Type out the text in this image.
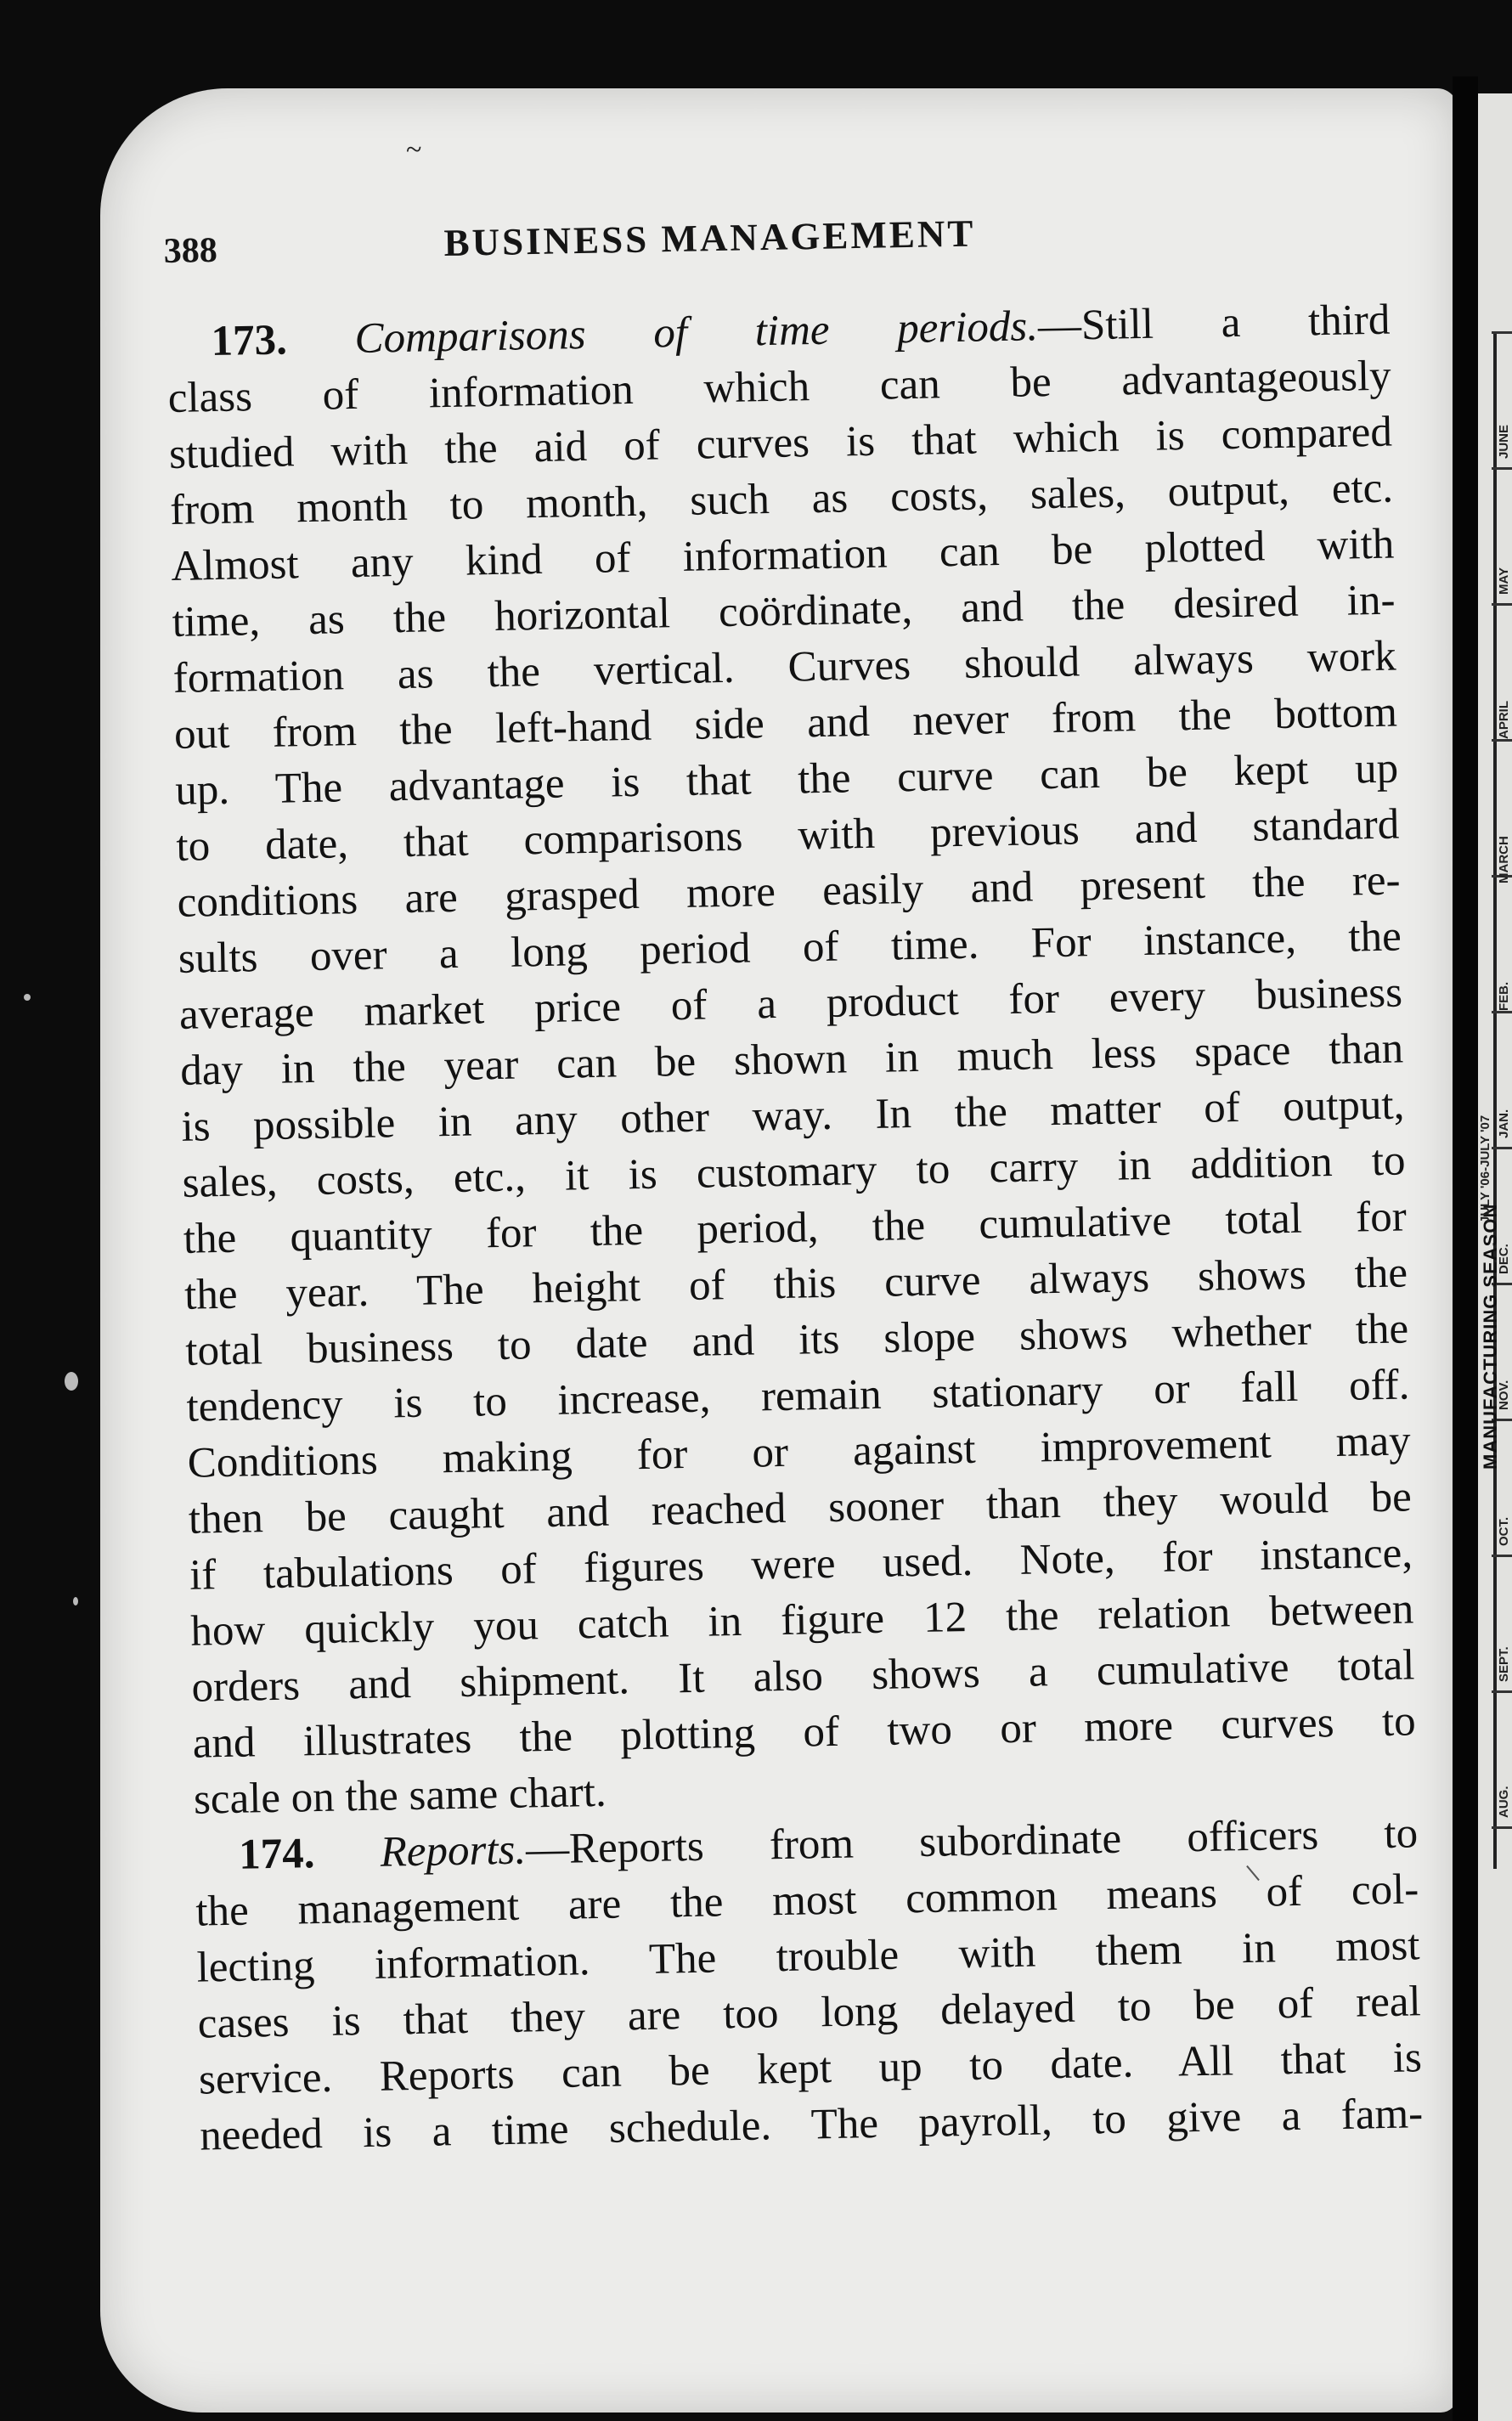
~
JUNE
MAY
APRIL
MARCH
FEB.
JAN.
DEC.
NOV.
OCT.
SEPT.
AUG.
MANUFACTURING SEASON
JULY '06-JULY '07
388	BUSINESS MANAGEMENT
173. Comparisons of time periods.—Still a third
class of information which can be advantageously
studied with the aid of curves is that which is compared
from month to month, such as costs, sales, output, etc.
Almost any kind of information can be plotted with
time, as the horizontal coördinate, and the desired in-
formation as the vertical. Curves should always work
out from the left-hand side and never from the bottom
up. The advantage is that the curve can be kept up
to date, that comparisons with previous and standard
conditions are grasped more easily and present the re-
sults over a long period of time. For instance, the
average market price of a product for every business
day in the year can be shown in much less space than
is possible in any other way. In the matter of output,
sales, costs, etc., it is customary to carry in addition to
the quantity for the period, the cumulative total for
the year. The height of this curve always shows the
total business to date and its slope shows whether the
tendency is to increase, remain stationary or fall off.
Conditions making for or against improvement may
then be caught and reached sooner than they would be
if tabulations of figures were used. Note, for instance,
how quickly you catch in figure 12 the relation between
orders and shipment. It also shows a cumulative total
and illustrates the plotting of two or more curves to
scale on the same chart.
174. Reports.—Reports from subordinate officers to
the management are the most common means of col-
lecting information. The trouble with them in most
cases is that they are too long delayed to be of real
service. Reports can be kept up to date. All that is
needed is a time schedule. The payroll, to give a fam-
